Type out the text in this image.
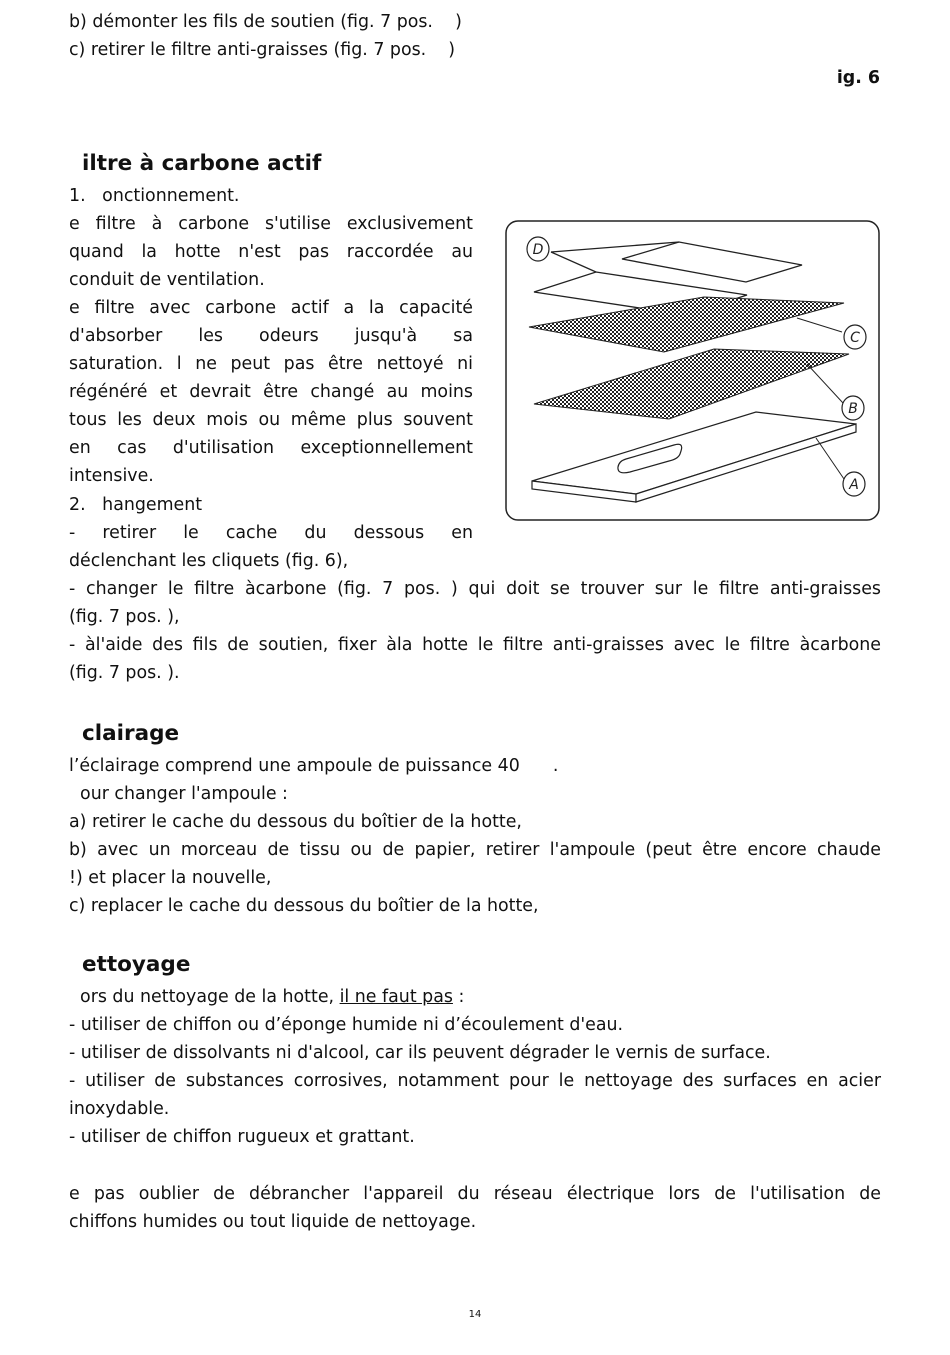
b) démonter les fils de soutien (fig. 7 pos.    )
c) retirer le filtre anti-graisses (fig. 7 pos.    )
ig. 6
iltre à carbone actif
1.   onctionnement.
e filtre à carbone s'utilise exclusivement
quand la hotte n'est pas raccordée au
conduit de ventilation.
e filtre avec carbone actif a la capacité
d'absorber les odeurs jusqu'à sa
saturation. l ne peut pas être nettoyé ni
régénéré et devrait être changé au moins
tous les deux mois ou même plus souvent
en cas d'utilisation exceptionnellement
intensive.
2.   hangement
- retirer le cache du dessous en
déclenchant les cliquets (fig. 6),
- changer le filtre àcarbone (fig. 7 pos. ) qui doit se trouver sur le filtre anti-graisses
(fig. 7 pos. ),
- àl'aide des fils de soutien, fixer àla hotte le filtre anti-graisses avec le filtre àcarbone
(fig. 7 pos. ).
D
C
B
A
clairage
l’éclairage comprend une ampoule de puissance 40      .
our changer l'ampoule :
a) retirer le cache du dessous du boîtier de la hotte,
b) avec un morceau de tissu ou de papier, retirer l'ampoule (peut être encore chaude
!) et placer la nouvelle,
c) replacer le cache du dessous du boîtier de la hotte,
ettoyage
ors du nettoyage de la hotte, il ne faut pas :
- utiliser de chiffon ou d’éponge humide ni d’écoulement d'eau.
- utiliser de dissolvants ni d'alcool, car ils peuvent dégrader le vernis de surface.
- utiliser de substances corrosives, notamment pour le nettoyage des surfaces en acier
inoxydable.
- utiliser de chiffon rugueux et grattant.
e pas oublier de débrancher l'appareil du réseau électrique lors de l'utilisation de
chiffons humides ou tout liquide de nettoyage.
14
